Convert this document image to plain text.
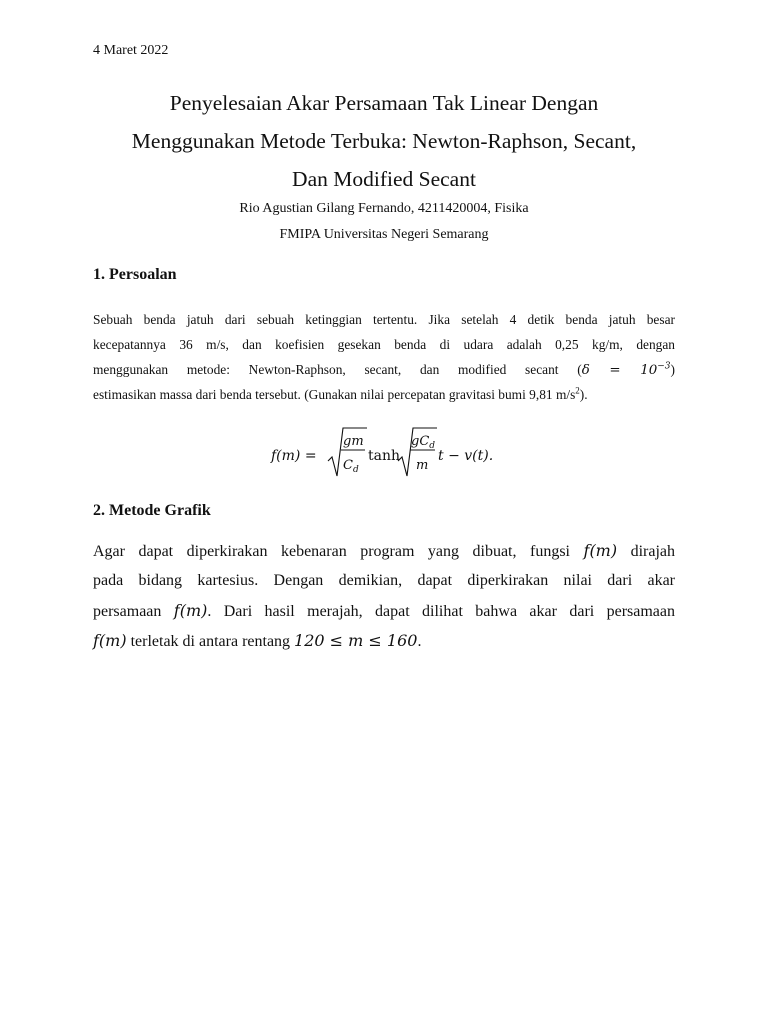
4 Maret 2022
Penyelesaian Akar Persamaan Tak Linear Dengan
Menggunakan Metode Terbuka: Newton-Raphson, Secant,
Dan Modified Secant
Rio Agustian Gilang Fernando, 4211420004, Fisika
FMIPA Universitas Negeri Semarang
1. Persoalan
Sebuah benda jatuh dari sebuah ketinggian tertentu. Jika setelah 4 detik benda jatuh besar
kecepatannya 36 m/s, dan koefisien gesekan benda di udara adalah 0,25 kg/m, dengan
menggunakan metode: Newton-Raphson, secant, dan modified secant $(\delta = 10^{-3})$
estimasikan massa dari benda tersebut. (Gunakan nilai percepatan gravitasi bumi 9,81 $m/s^2$).
f(m) =
gm
$C_d$
tanh
$gC_d$
m
t − v(t).
2. Metode Grafik
Agar dapat diperkirakan kebenaran program yang dibuat, fungsi f(m) dirajah
pada bidang kartesius. Dengan demikian, dapat diperkirakan nilai dari akar
persamaan f(m). Dari hasil merajah, dapat dilihat bahwa akar dari persamaan
f(m) terletak di antara rentang 120 ≤ m ≤ 160.
